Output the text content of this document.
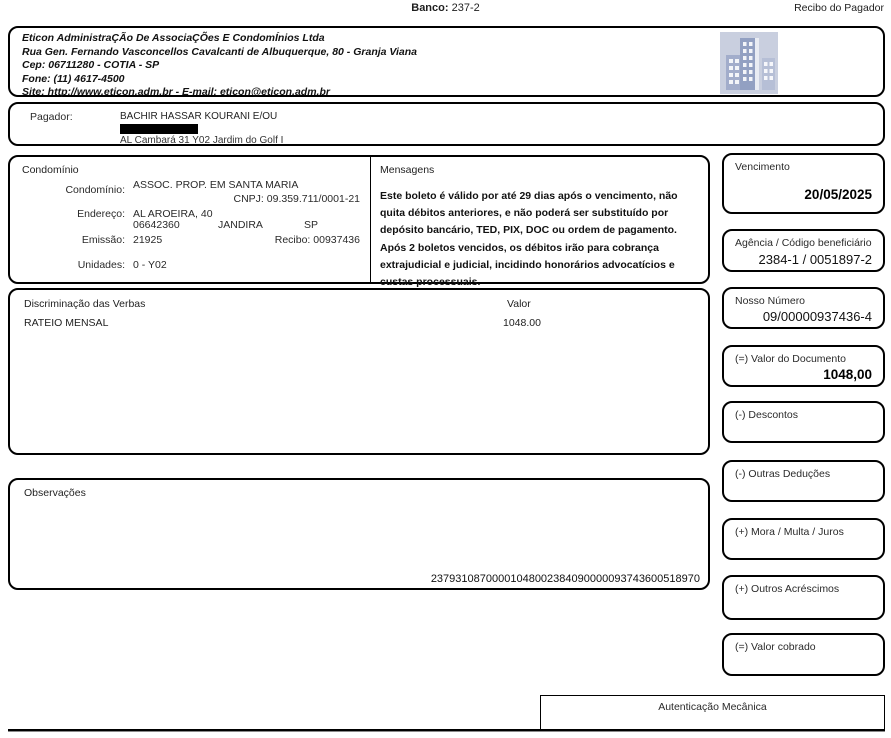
Banco: 237-2	Recibo do Pagador
Eticon AdministraÇÃo De AssociaÇÕes E CondomÍnios Ltda
Rua Gen. Fernando Vasconcellos Cavalcanti de Albuquerque, 80 - Granja Viana
Cep: 06711280 - COTIA - SP
Fone: (11) 4617-4500
Site: http://www.eticon.adm.br - E-mail: eticon@eticon.adm.br
Pagador:	BACHIR HASSAR KOURANI E/OU
AL Cambará 31 Y02 Jardim do Golf I
Condomínio
Condomínio: ASSOC. PROP. EM SANTA MARIA
CNPJ: 09.359.711/0001-21
Endereço: AL AROEIRA, 40
06642360	JANDIRA	SP
Emissão: 21925	Recibo: 00937436
Unidades: 0 - Y02
Mensagens
Este boleto é válido por até 29 dias após o vencimento, não
quita débitos anteriores, e não poderá ser substituído por
depósito bancário, TED, PIX, DOC ou ordem de pagamento.
Após 2 boletos vencidos, os débitos irão para cobrança
extrajudicial e judicial, incidindo honorários advocatícios e
custas processuais.
Discriminação das Verbas	Valor
RATEIO MENSAL	1048.00
Observações
23793108700001048002384090000093743600518970
Vencimento
20/05/2025
Agência / Código beneficiário
2384-1 / 0051897-2
Nosso Número
09/00000937436-4
(=) Valor do Documento
1048,00
(-) Descontos
(-) Outras Deduções
(+) Mora / Multa / Juros
(+) Outros Acréscimos
(=) Valor cobrado
Autenticação Mecânica
